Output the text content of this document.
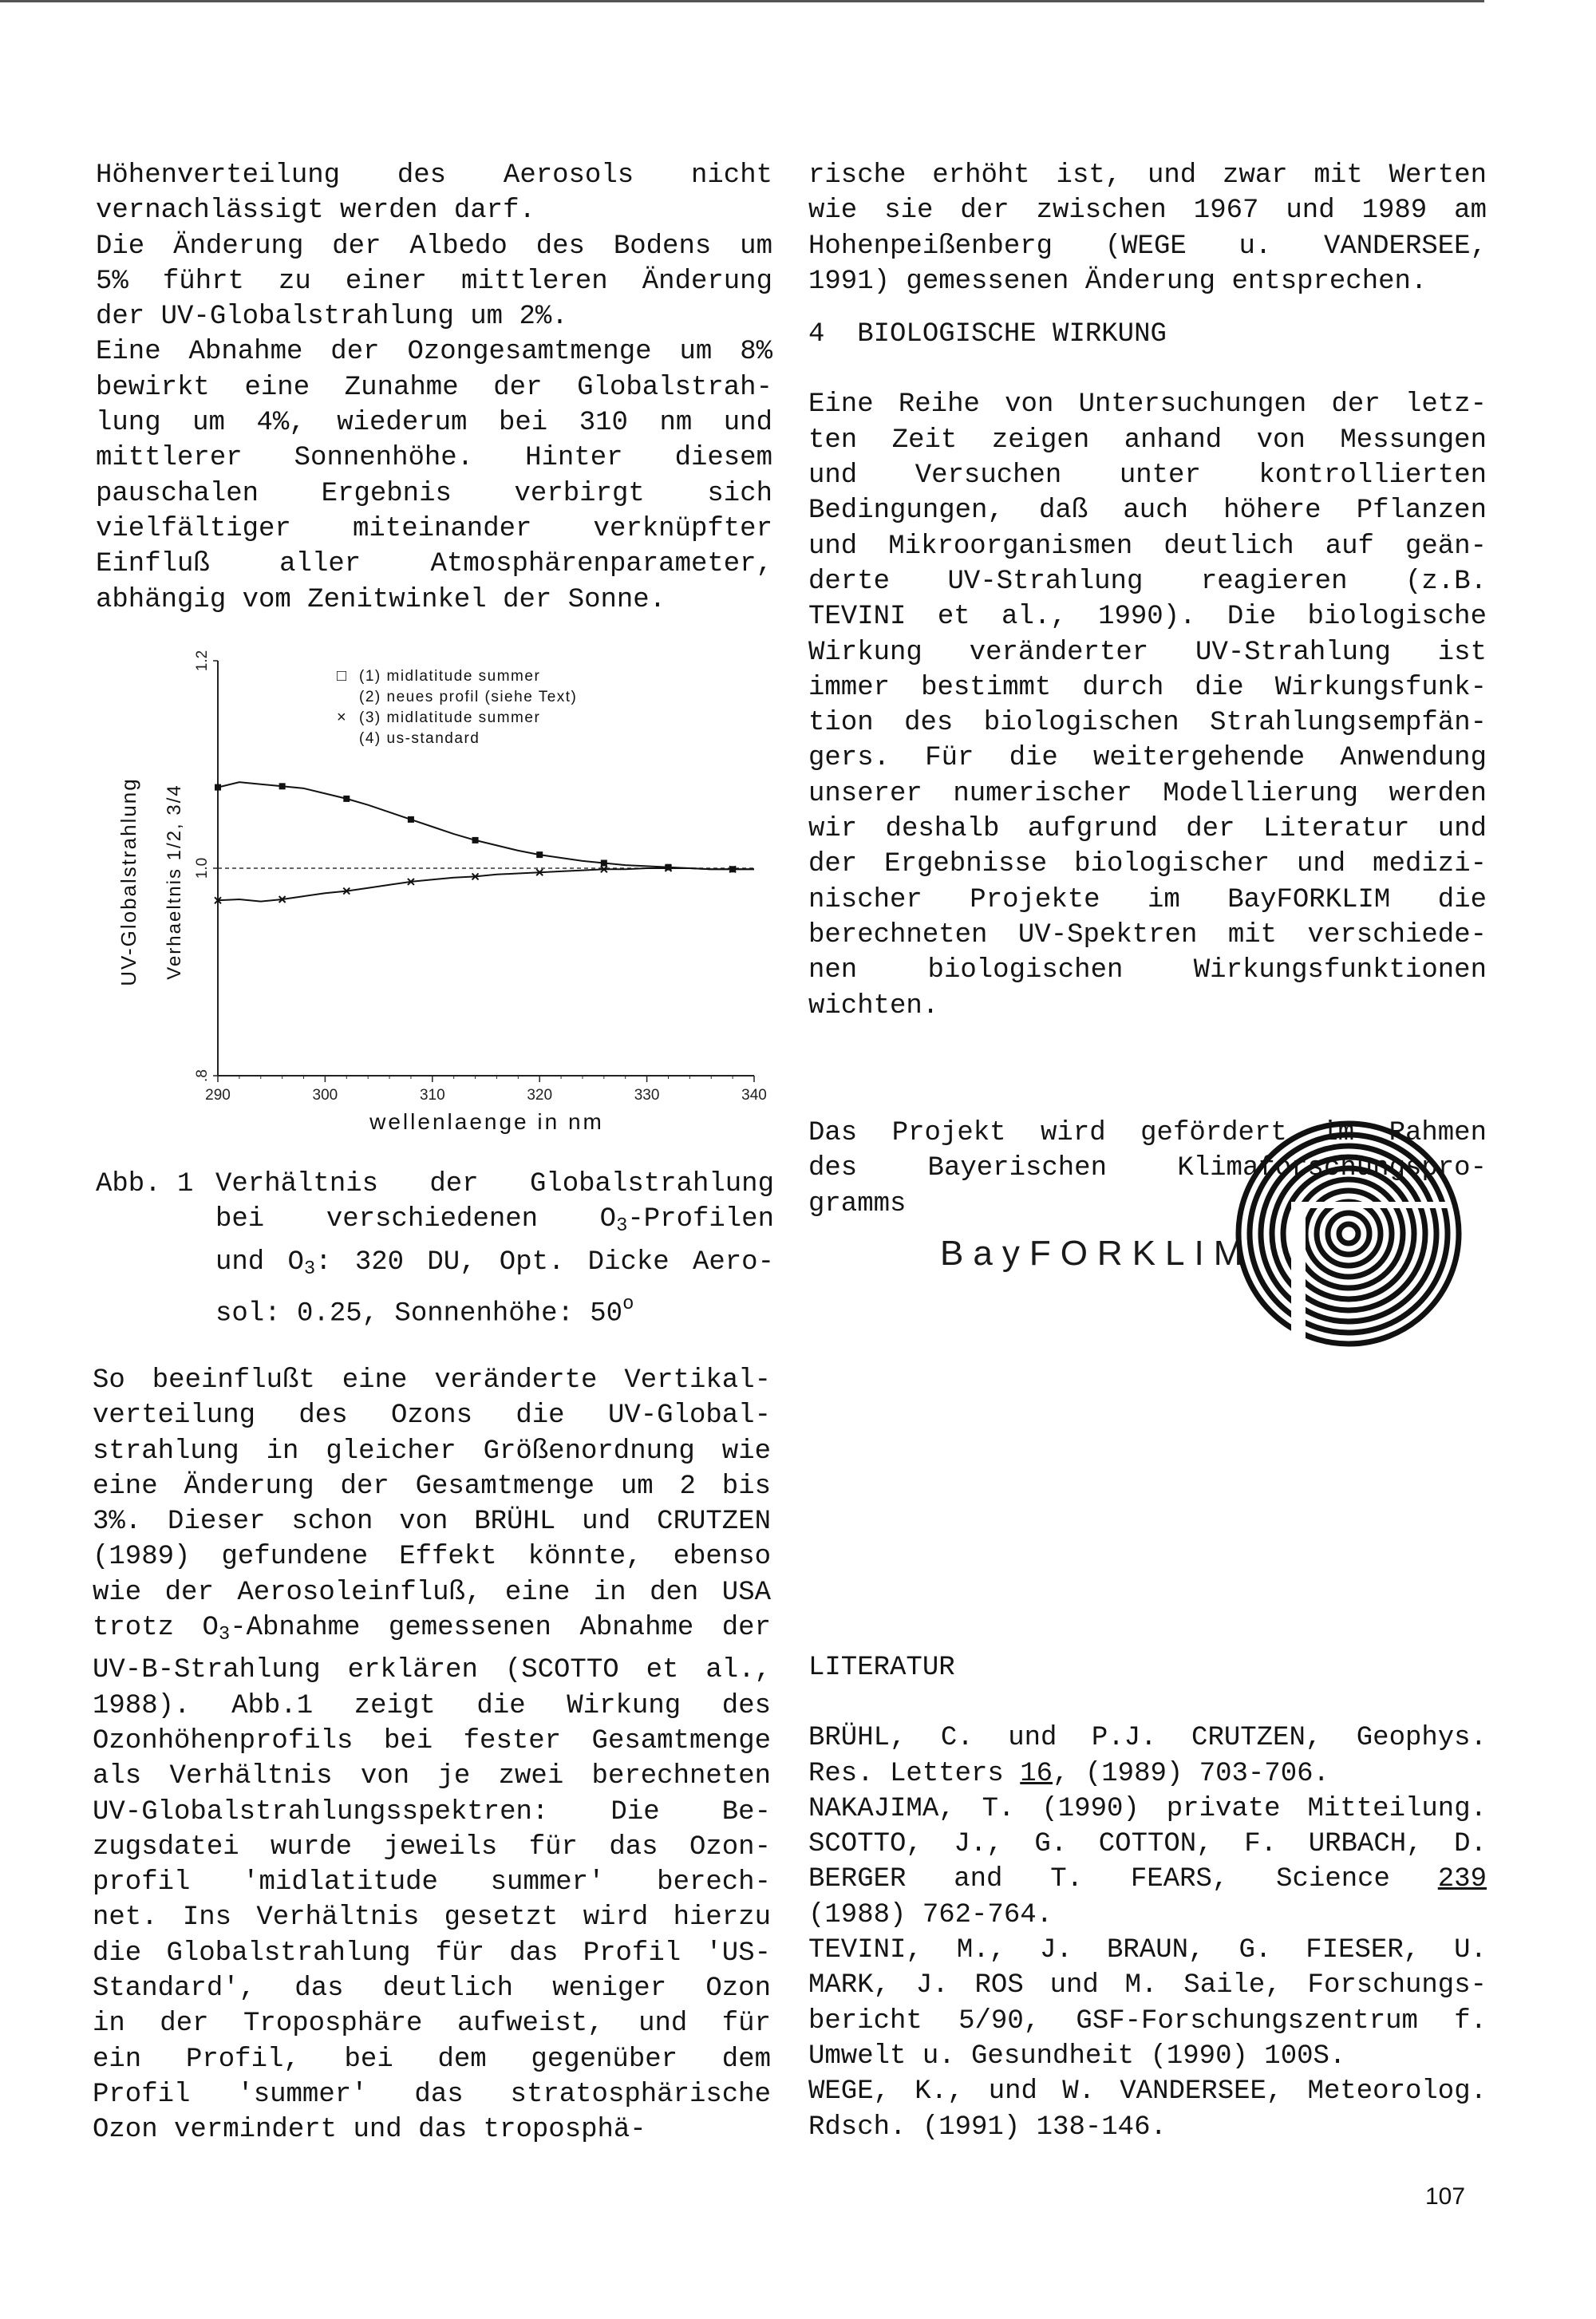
Höhenverteilung des Aerosols nicht
vernachlässigt werden darf.
Die Änderung der Albedo des Bodens um
5% führt zu einer mittleren Änderung
der UV-Globalstrahlung um 2%.
Eine Abnahme der Ozongesamtmenge um 8%
bewirkt eine Zunahme der Globalstrah-
lung um 4%, wiederum bei 310 nm und
mittlerer Sonnenhöhe. Hinter diesem
pauschalen Ergebnis verbirgt sich
vielfältiger miteinander verknüpfter
Einfluß aller Atmosphärenparameter,
abhängig vom Zenitwinkel der Sonne.
290	300	310	320	330	340
.8
1.0
1.2
□ (1) midlatitude summer
(2) neues profil (siehe Text)
× (3) midlatitude summer
(4) us-standard
UV-Globalstrahlung Verhaeltnis 1/2, 3/4
wellenlaenge in nm
Abb. 1 Verhältnis der Globalstrahlung
bei verschiedenen $O_3$-Profilen
und $O_3$: 320 DU, Opt. Dicke Aero-
sol: 0.25, Sonnenhöhe: 50$^o$
So beeinflußt eine veränderte Vertikal-
verteilung des Ozons die UV-Global-
strahlung in gleicher Größenordnung wie
eine Änderung der Gesamtmenge um 2 bis
3%. Dieser schon von BRÜHL und CRUTZEN
(1989) gefundene Effekt könnte, ebenso
wie der Aerosoleinfluß, eine in den USA
trotz $O_3$-Abnahme gemessenen Abnahme der
UV-B-Strahlung erklären (SCOTTO et al.,
1988). Abb.1 zeigt die Wirkung des
Ozonhöhenprofils bei fester Gesamtmenge
als Verhältnis von je zwei berechneten
UV-Globalstrahlungsspektren: Die Be-
zugsdatei wurde jeweils für das Ozon-
profil 'midlatitude summer' berech-
net. Ins Verhältnis gesetzt wird hierzu
die Globalstrahlung für das Profil 'US-
Standard', das deutlich weniger Ozon
in der Troposphäre aufweist, und für
ein Profil, bei dem gegenüber dem
Profil 'summer' das stratosphärische
Ozon vermindert und das troposphä-
rische erhöht ist, und zwar mit Werten
wie sie der zwischen 1967 und 1989 am
Hohenpeißenberg (WEGE u. VANDERSEE,
1991) gemessenen Änderung entsprechen.
4  BIOLOGISCHE WIRKUNG
Eine Reihe von Untersuchungen der letz-
ten Zeit zeigen anhand von Messungen
und Versuchen unter kontrollierten
Bedingungen, daß auch höhere Pflanzen
und Mikroorganismen deutlich auf geän-
derte UV-Strahlung reagieren (z.B.
TEVINI et al., 1990). Die biologische
Wirkung veränderter UV-Strahlung ist
immer bestimmt durch die Wirkungsfunk-
tion des biologischen Strahlungsempfän-
gers. Für die weitergehende Anwendung
unserer numerischer Modellierung werden
wir deshalb aufgrund der Literatur und
der Ergebnisse biologischer und medizi-
nischer Projekte im BayFORKLIM die
berechneten UV-Spektren mit verschiede-
nen biologischen Wirkungsfunktionen
wichten.
Das Projekt wird gefördert im Rahmen
des Bayerischen Klimaforschungspro-
gramms
BayFORKLIM
LITERATUR
BRÜHL, C. und P.J. CRUTZEN, Geophys.
Res. Letters 16, (1989) 703-706.
NAKAJIMA, T. (1990) private Mitteilung.
SCOTTO, J., G. COTTON, F. URBACH, D.
BERGER and T. FEARS, Science 239
(1988) 762-764.
TEVINI, M., J. BRAUN, G. FIESER, U.
MARK, J. ROS und M. Saile, Forschungs-
bericht 5/90, GSF-Forschungszentrum f.
Umwelt u. Gesundheit (1990) 100S.
WEGE, K., und W. VANDERSEE, Meteorolog.
Rdsch. (1991) 138-146.
107
